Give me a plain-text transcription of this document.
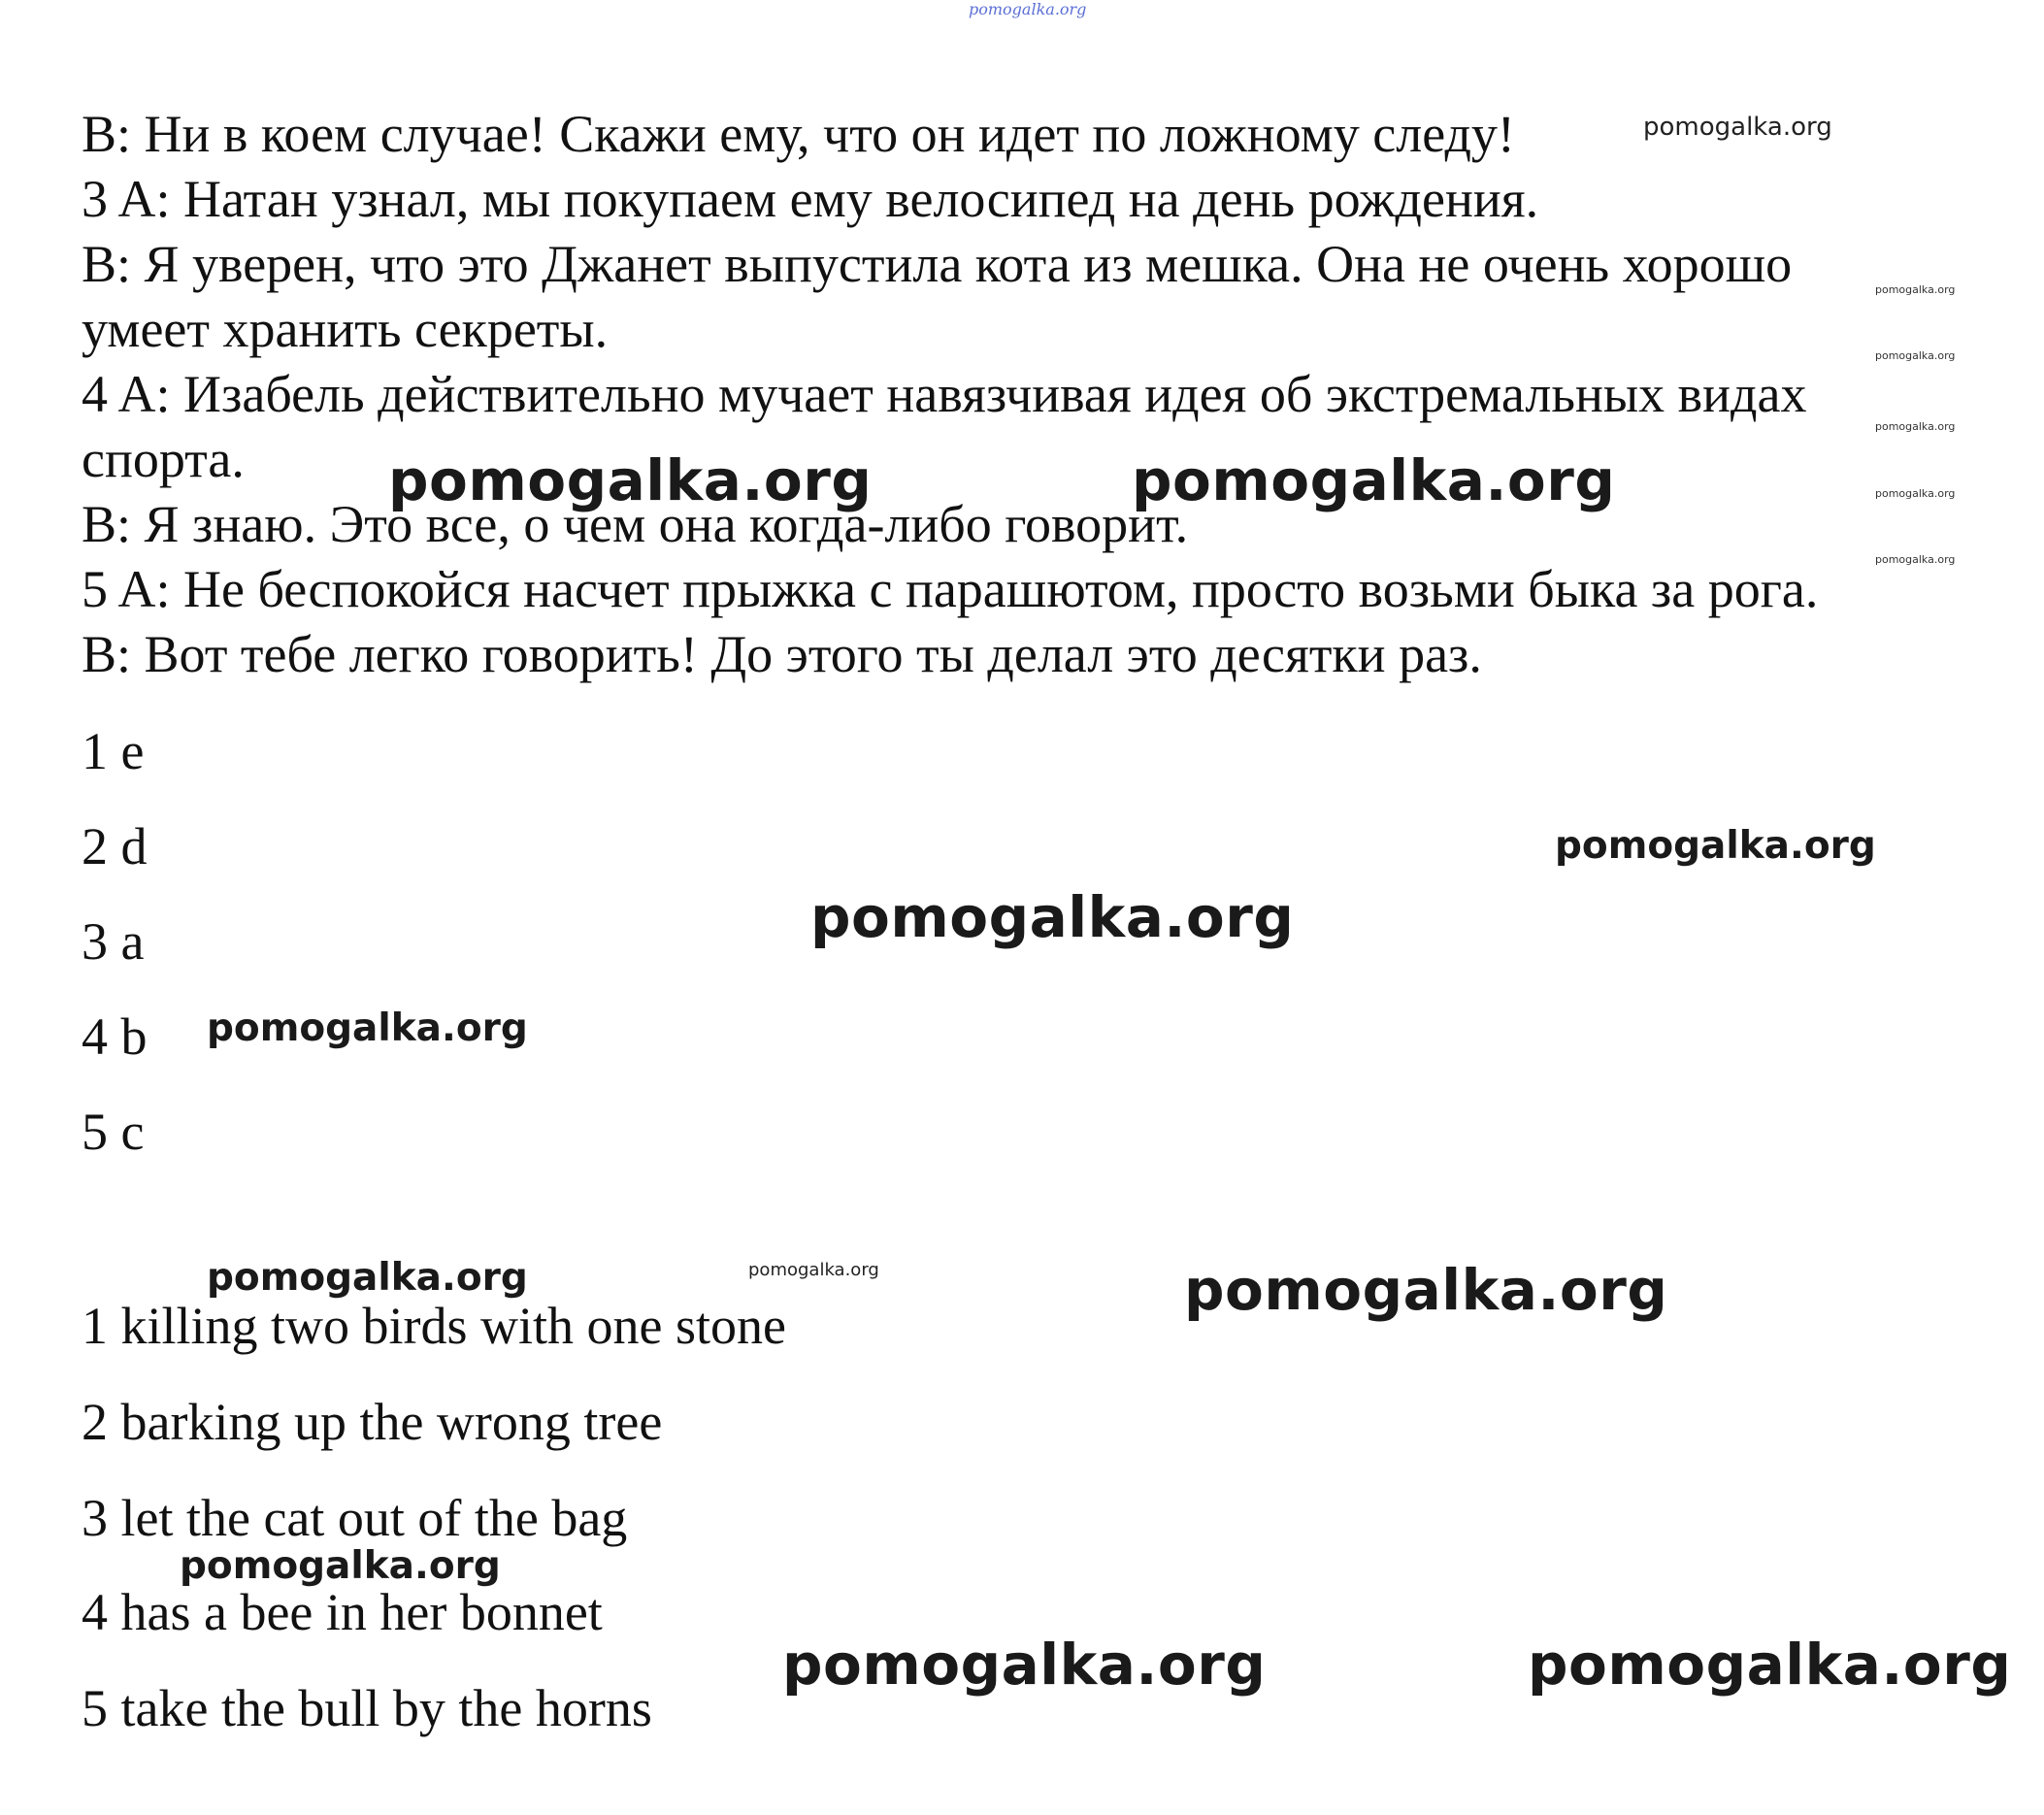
B: Ни в коем случае! Скажи ему, что он идет по ложному следу!

3 A: Натан узнал, мы покупаем ему велосипед на день рождения.

B: Я уверен, что это Джанет выпустила кота из мешка. Она не очень хорошо

умеет хранить секреты.

4 A: Изабель действительно мучает навязчивая идея об экстремальных видах

спорта.

B: Я знаю. Это все, о чем она когда-либо говорит.

5 A: Не беспокойся насчет прыжка с парашютом, просто возьми быка за рога.

B: Вот тебе легко говорить! До этого ты делал это десятки раз.

1 e

2 d

3 a

4 b

5 c

1 killing two birds with one stone

2 barking up the wrong tree

3 let the cat out of the bag

4 has a bee in her bonnet

5 take the bull by the horns

pomogalka.org
pomogalka.org
pomogalka.org
pomogalka.org
pomogalka.org
pomogalka.org
pomogalka.org
pomogalka.org	pomogalka.org
pomogalka.org
pomogalka.org
pomogalka.org
pomogalka.org	pomogalka.org	pomogalka.org
pomogalka.org
pomogalka.org	pomogalka.org
